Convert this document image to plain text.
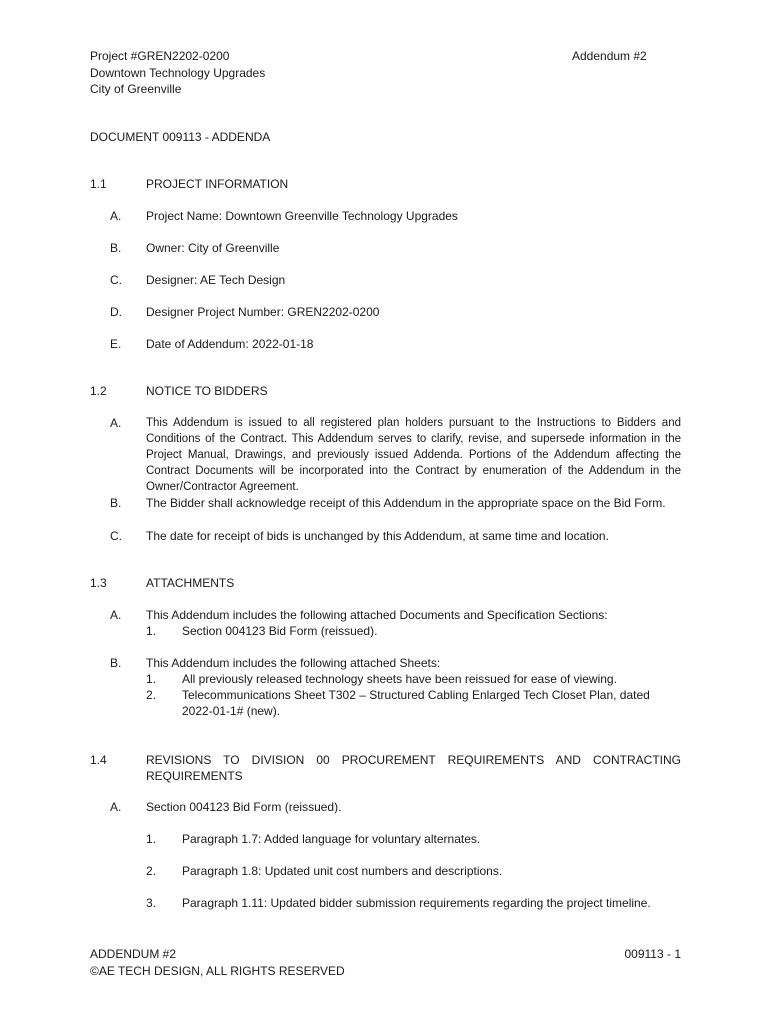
Project #GREN2202-0200
Downtown Technology Upgrades
City of Greenville
Addendum #2
DOCUMENT 009113 - ADDENDA
1.1	PROJECT INFORMATION
A. Project Name: Downtown Greenville Technology Upgrades
B. Owner: City of Greenville
C. Designer: AE Tech Design
D. Designer Project Number: GREN2202-0200
E. Date of Addendum: 2022-01-18
1.2	NOTICE TO BIDDERS
A. This Addendum is issued to all registered plan holders pursuant to the Instructions to Bidders and Conditions of the Contract. This Addendum serves to clarify, revise, and supersede information in the Project Manual, Drawings, and previously issued Addenda. Portions of the Addendum affecting the Contract Documents will be incorporated into the Contract by enumeration of the Addendum in the Owner/Contractor Agreement.
B. The Bidder shall acknowledge receipt of this Addendum in the appropriate space on the Bid Form.
C. The date for receipt of bids is unchanged by this Addendum, at same time and location.
1.3	ATTACHMENTS
A. This Addendum includes the following attached Documents and Specification Sections:
1. Section 004123 Bid Form (reissued).
B. This Addendum includes the following attached Sheets:
1. All previously released technology sheets have been reissued for ease of viewing.
2. Telecommunications Sheet T302 – Structured Cabling Enlarged Tech Closet Plan, dated 2022-01-1# (new).
1.4	REVISIONS TO DIVISION 00 PROCUREMENT REQUIREMENTS AND CONTRACTING
REQUIREMENTS
A. Section 004123 Bid Form (reissued).
1. Paragraph 1.7: Added language for voluntary alternates.
2. Paragraph 1.8: Updated unit cost numbers and descriptions.
3. Paragraph 1.11: Updated bidder submission requirements regarding the project timeline.
ADDENDUM #2
©AE TECH DESIGN, ALL RIGHTS RESERVED
009113 - 1
